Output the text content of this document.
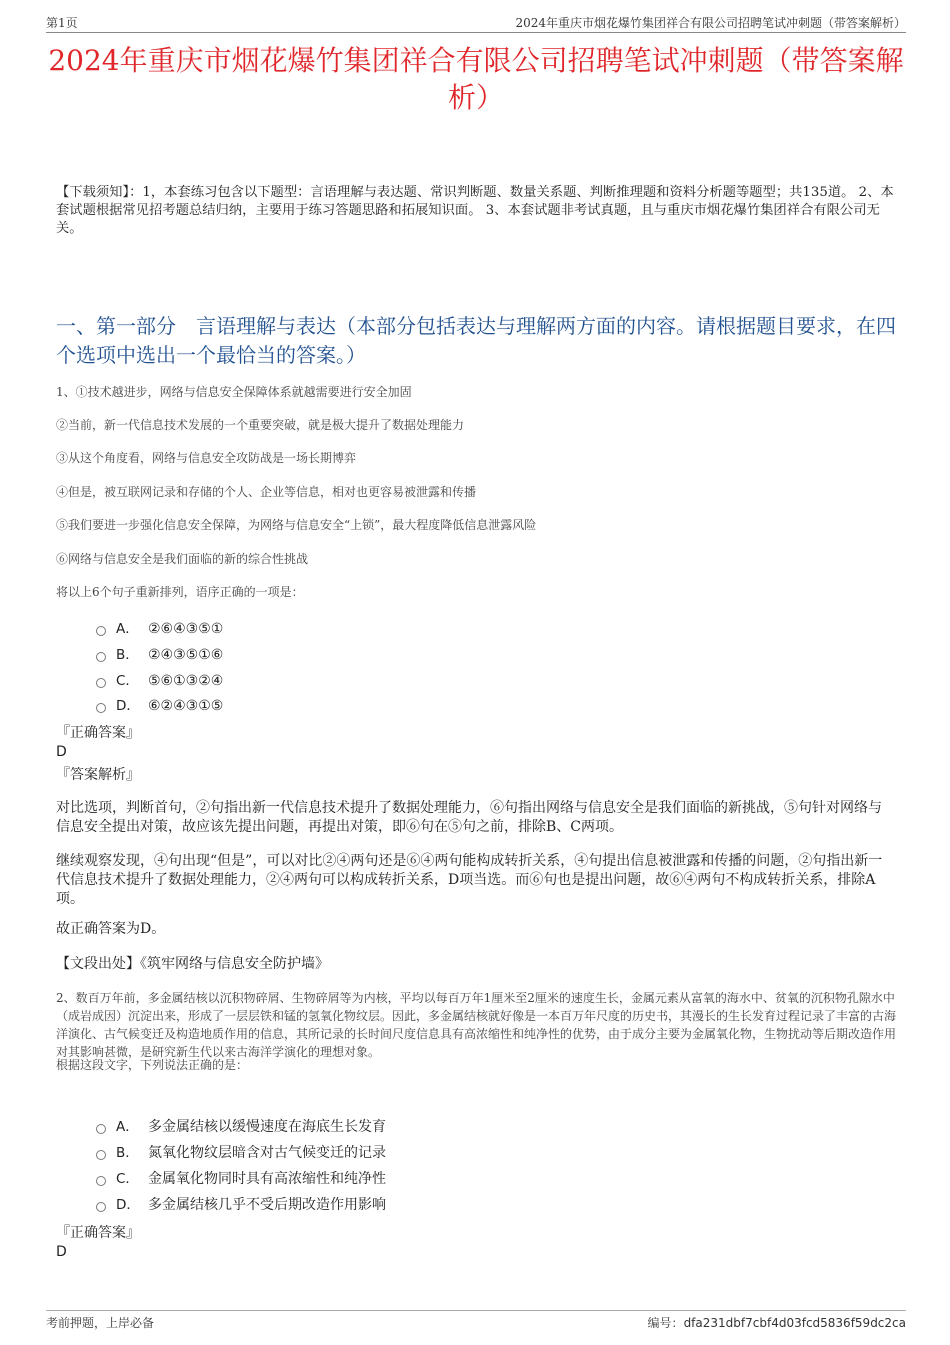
第1页	2024年重庆市烟花爆竹集团祥合有限公司招聘笔试冲刺题（带答案解析）
2024年重庆市烟花爆竹集团祥合有限公司招聘笔试冲刺题（带答案解析）
【下载须知】：1，本套练习包含以下题型：言语理解与表达题、常识判断题、数量关系题、判断推理题和资料分析题等题型；共135道。 2、本套试题根据常见招考题总结归纳，主要用于练习答题思路和拓展知识面。 3、本套试题非考试真题，且与重庆市烟花爆竹集团祥合有限公司无关。
一、第一部分　言语理解与表达（本部分包括表达与理解两方面的内容。请根据题目要求，在四个选项中选出一个最恰当的答案。）
1、①技术越进步，网络与信息安全保障体系就越需要进行安全加固
②当前，新一代信息技术发展的一个重要突破，就是极大提升了数据处理能力
③从这个角度看，网络与信息安全攻防战是一场长期博弈
④但是，被互联网记录和存储的个人、企业等信息，相对也更容易被泄露和传播
⑤我们要进一步强化信息安全保障，为网络与信息安全“上锁”，最大程度降低信息泄露风险
⑥网络与信息安全是我们面临的新的综合性挑战
将以上6个句子重新排列，语序正确的一项是：
A． ②⑥④③⑤①
B． ②④③⑤①⑥
C． ⑤⑥①③②④
D． ⑥②④③①⑤
『正确答案』
D
『答案解析』
对比选项，判断首句，②句指出新一代信息技术提升了数据处理能力，⑥句指出网络与信息安全是我们面临的新挑战，⑤句针对网络与信息安全提出对策，故应该先提出问题，再提出对策，即⑥句在⑤句之前，排除B、C两项。
继续观察发现，④句出现“但是”，可以对比②④两句还是⑥④两句能构成转折关系，④句提出信息被泄露和传播的问题，②句指出新一代信息技术提升了数据处理能力，②④两句可以构成转折关系，D项当选。而⑥句也是提出问题，故⑥④两句不构成转折关系，排除A项。
故正确答案为D。
【文段出处】《筑牢网络与信息安全防护墙》
2、数百万年前，多金属结核以沉积物碎屑、生物碎屑等为内核，平均以每百万年1厘米至2厘米的速度生长，金属元素从富氧的海水中、贫氧的沉积物孔隙水中（成岩成因）沉淀出来，形成了一层层铁和锰的氢氧化物纹层。因此，多金属结核就好像是一本百万年尺度的历史书，其漫长的生长发育过程记录了丰富的古海洋演化、古气候变迁及构造地质作用的信息，其所记录的长时间尺度信息具有高浓缩性和纯净性的优势，由于成分主要为金属氧化物，生物扰动等后期改造作用对其影响甚微，是研究新生代以来古海洋学演化的理想对象。
根据这段文字，下列说法正确的是：
A． 多金属结核以缓慢速度在海底生长发育
B． 氮氧化物纹层暗含对古气候变迁的记录
C． 金属氧化物同时具有高浓缩性和纯净性
D． 多金属结核几乎不受后期改造作用影响
『正确答案』
D
考前押题，上岸必备	编号：dfa231dbf7cbf4d03fcd5836f59dc2ca
